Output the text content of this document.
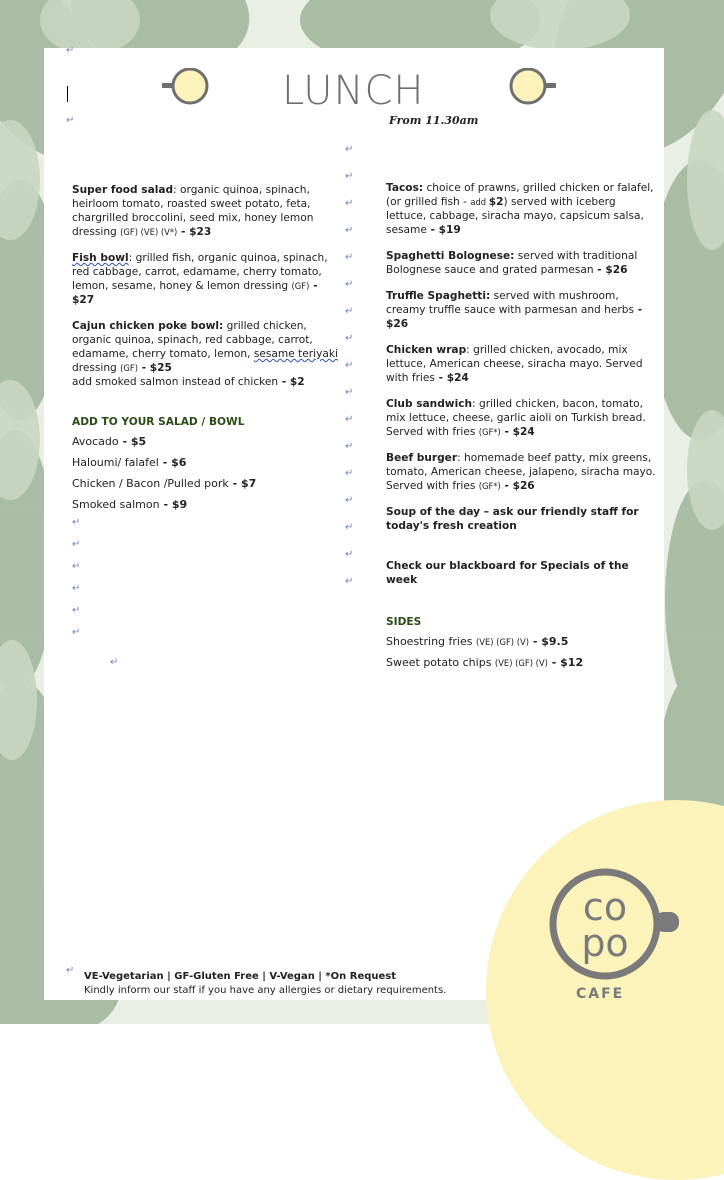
↵
↵
↵
↵
↵
↵
↵
↵
↵
↵
↵
↵
↵
↵
↵
↵
↵
↵
↵
↵
↵
↵
↵
↵
↵
↵
↵
LUNCH
From 11.30am
Super food salad: organic quinoa, spinach, heirloom tomato, roasted sweet potato, feta, chargrilled broccolini, seed mix, honey lemon dressing (GF) (VE) (V*) - $23
Fish bowl: grilled fish, organic quinoa, spinach, red cabbage, carrot, edamame, cherry tomato, lemon, sesame, honey & lemon dressing (GF) - $27
Cajun chicken poke bowl: grilled chicken, organic quinoa, spinach, red cabbage, carrot, edamame, cherry tomato, lemon, sesame teriyaki dressing (GF) - $25
add smoked salmon instead of chicken - $2
ADD TO YOUR SALAD / BOWL
Avocado - $5
Haloumi/ falafel - $6
Chicken / Bacon /Pulled pork - $7
Smoked salmon - $9
Tacos: choice of prawns, grilled chicken or falafel, (or grilled fish - add $2) served with iceberg lettuce, cabbage, siracha mayo, capsicum salsa, sesame - $19
Spaghetti Bolognese: served with traditional Bolognese sauce and grated parmesan - $26
Truffle Spaghetti: served with mushroom, creamy truffle sauce with parmesan and herbs - $26
Chicken wrap: grilled chicken, avocado, mix lettuce, American cheese, siracha mayo. Served with fries - $24
Club sandwich: grilled chicken, bacon, tomato, mix lettuce, cheese, garlic aioli on Turkish bread. Served with fries (GF*) - $24
Beef burger: homemade beef patty, mix greens, tomato, American cheese, jalapeno, siracha mayo. Served with fries (GF*) - $26
Soup of the day – ask our friendly staff for today's fresh creation
Check our blackboard for Specials of the week
SIDES
Shoestring fries (VE) (GF) (V) - $9.5
Sweet potato chips (VE) (GF) (V) - $12
VE-Vegetarian | GF-Gluten Free | V-Vegan | *On Request
Kindly inform our staff if you have any allergies or dietary requirements.
co
po
CAFE
